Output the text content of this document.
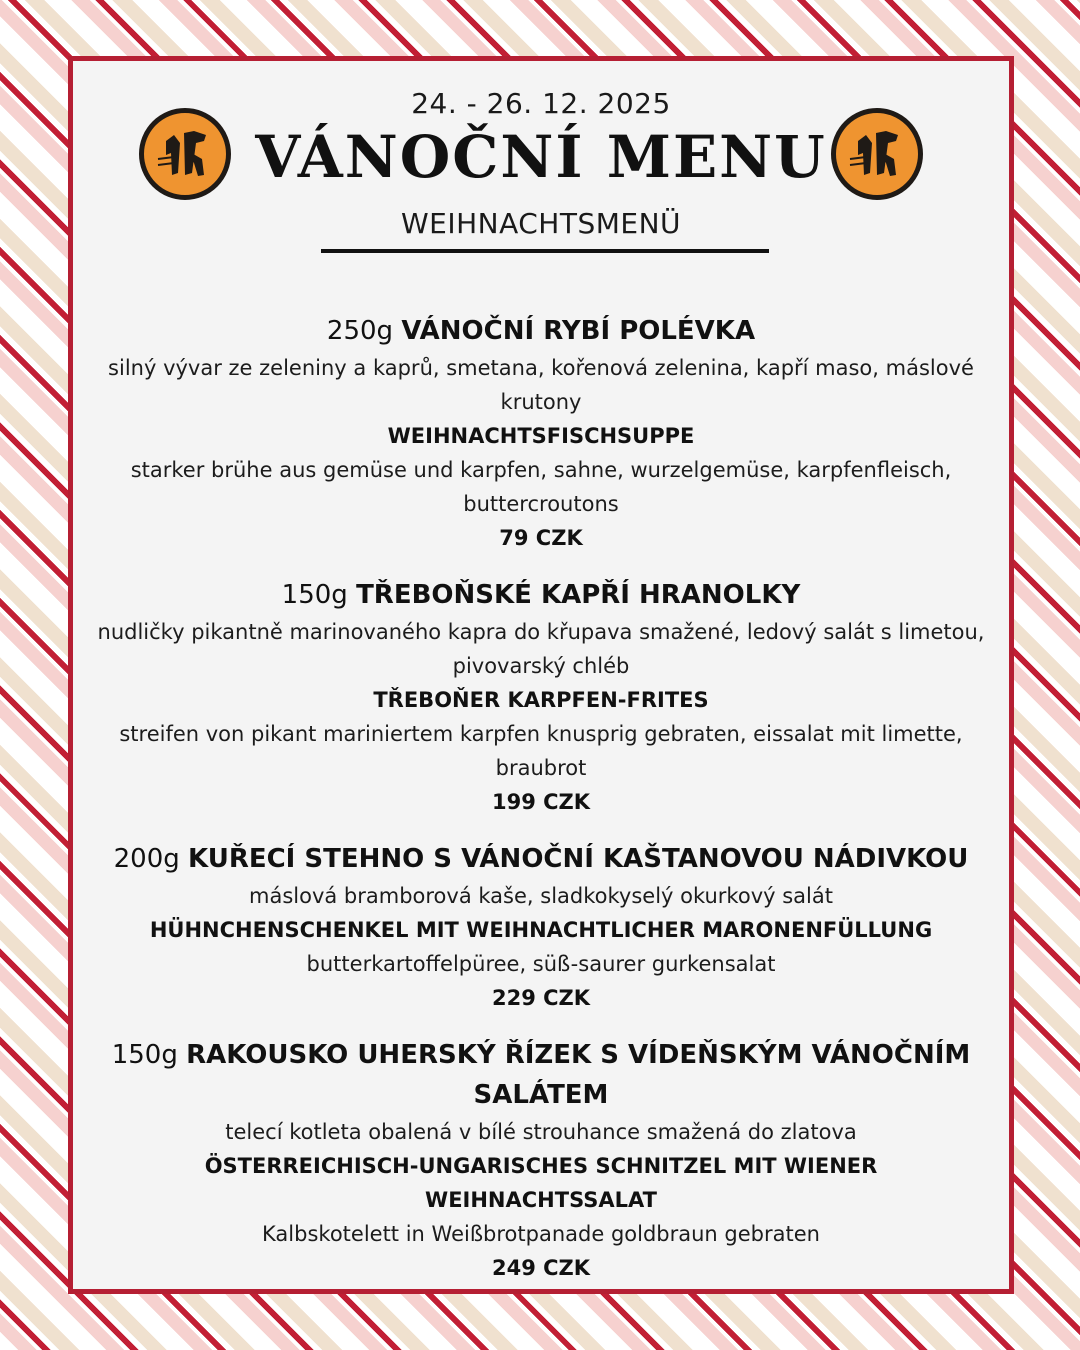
24. - 26. 12. 2025
VÁNOČNÍ MENU
WEIHNACHTSMENÜ
250g VÁNOČNÍ RYBÍ POLÉVKA
silný vývar ze zeleniny a kaprů, smetana, kořenová zelenina, kapří maso, máslové krutony
WEIHNACHTSFISCHSUPPE
starker brühe aus gemüse und karpfen, sahne, wurzelgemüse, karpfenfleisch, buttercroutons
79 CZK
150g TŘEBOŇSKÉ KAPŘÍ HRANOLKY
nudličky pikantně marinovaného kapra do křupava smažené, ledový salát s limetou, pivovarský chléb
TŘEBOŇER KARPFEN-FRITES
streifen von pikant mariniertem karpfen knusprig gebraten, eissalat mit limette, braubrot
199 CZK
200g KUŘECÍ STEHNO S VÁNOČNÍ KAŠTANOVOU NÁDIVKOU
máslová bramborová kaše, sladkokyselý okurkový salát
HÜHNCHENSCHENKEL MIT WEIHNACHTLICHER MARONENFÜLLUNG
butterkartoffelpüree, süß-saurer gurkensalat
229 CZK
150g RAKOUSKO UHERSKÝ ŘÍZEK S VÍDEŇSKÝM VÁNOČNÍM SALÁTEM
telecí kotleta obalená v bílé strouhance smažená do zlatova
ÖSTERREICHISCH-UNGARISCHES SCHNITZEL MIT WIENER WEIHNACHTSSALAT
Kalbskotelett in Weißbrotpanade goldbraun gebraten
249 CZK
